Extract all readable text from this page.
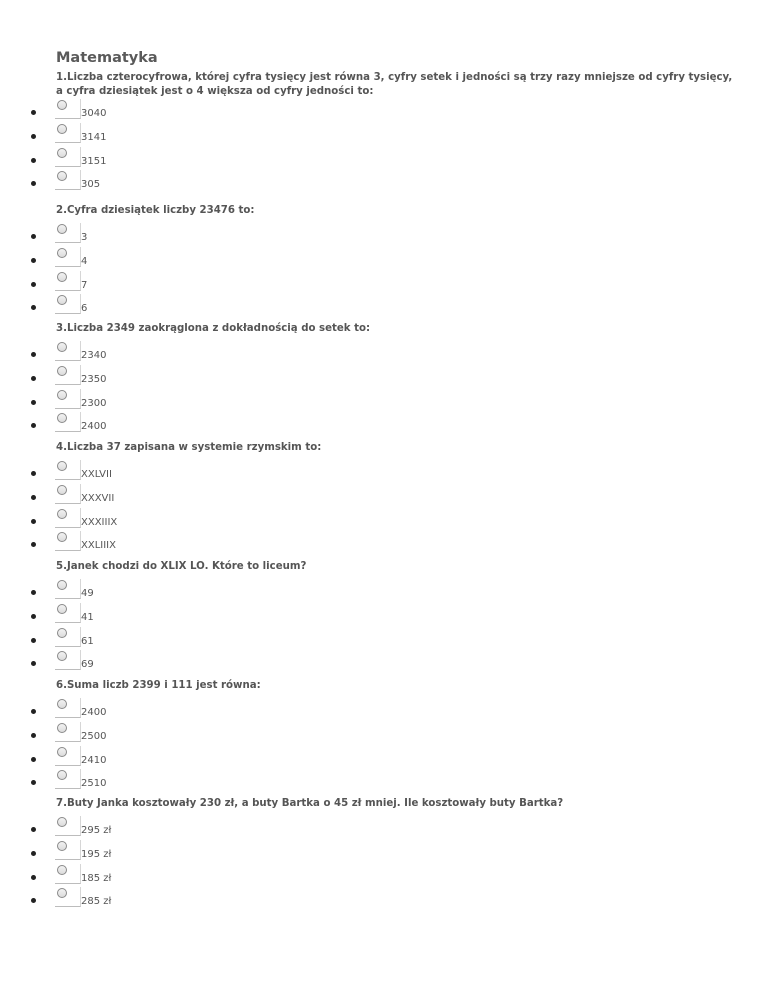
Matematyka

1.Liczba czterocyfrowa, której cyfra tysięcy jest równa 3, cyfry setek i jedności są trzy razy mniejsze od cyfry tysięcy, a cyfra dziesiątek jest o 4 większa od cyfry jedności to:

3040
3141
3151
305

2.Cyfra dziesiątek liczby 23476 to:

3
4
7
6

3.Liczba 2349 zaokrąglona z dokładnością do setek to:

2340
2350
2300
2400

4.Liczba 37 zapisana w systemie rzymskim to:

XXLVII
XXXVII
XXXIIIX
XXLIIIX

5.Janek chodzi do XLIX LO. Które to liceum?

49
41
61
69

6.Suma liczb 2399 i 111 jest równa:

2400
2500
2410
2510

7.Buty Janka kosztowały 230 zł, a buty Bartka o 45 zł mniej. Ile kosztowały buty Bartka?

295 zł
195 zł
185 zł
285 zł
